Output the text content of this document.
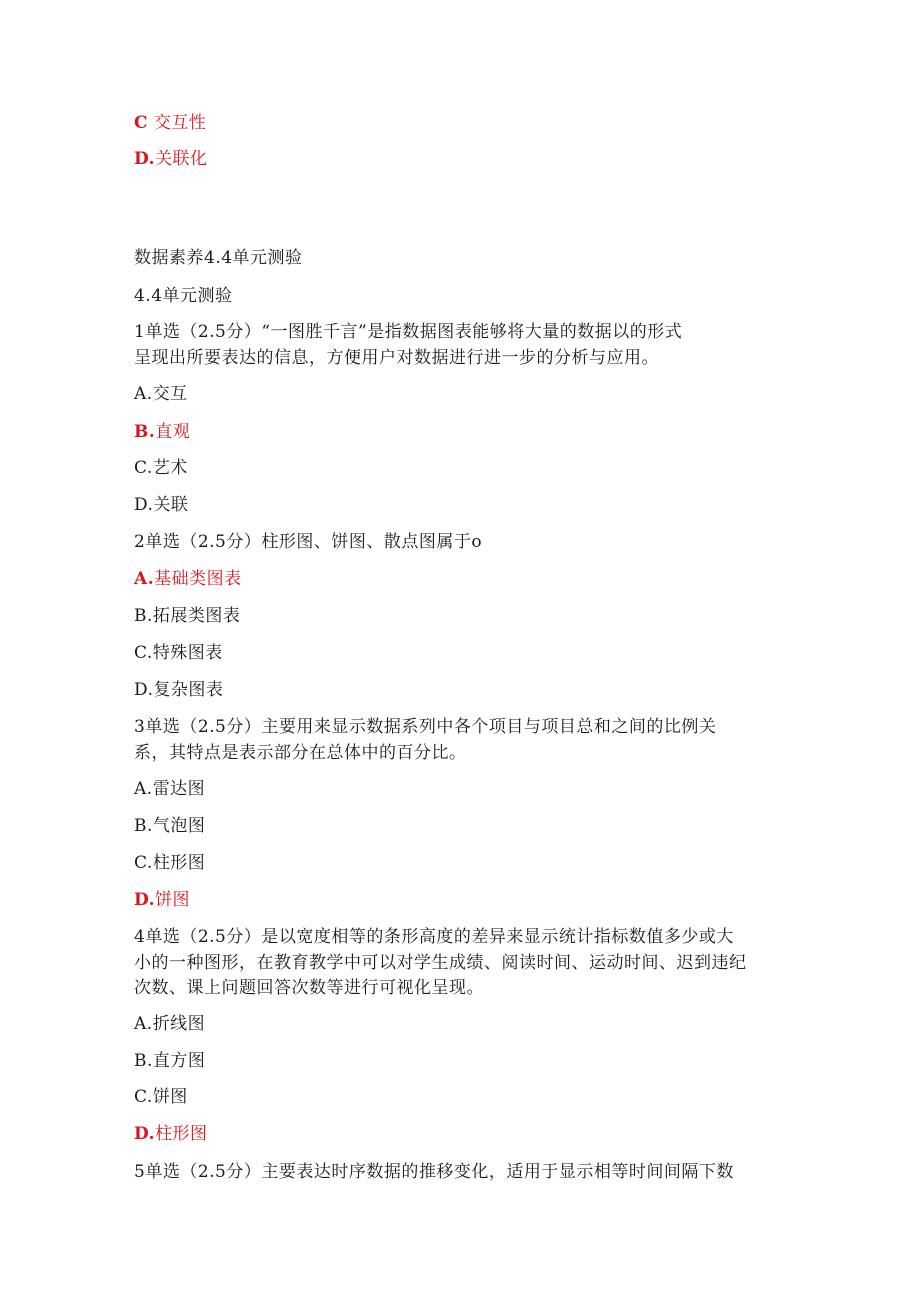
C 交互性
D.关联化
数据素养4.4单元测验
4.4单元测验
1单选（2.5分）“一图胜千言”是指数据图表能够将大量的数据以的形式
呈现出所要表达的信息，方便用户对数据进行进一步的分析与应用。
A.交互
B.直观
C.艺术
D.关联
2单选（2.5分）柱形图、饼图、散点图属于o
A.基础类图表
B.拓展类图表
C.特殊图表
D.复杂图表
3单选（2.5分）主要用来显示数据系列中各个项目与项目总和之间的比例关
系，其特点是表示部分在总体中的百分比。
A.雷达图
B.气泡图
C.柱形图
D.饼图
4单选（2.5分）是以宽度相等的条形高度的差异来显示统计指标数值多少或大
小的一种图形，在教育教学中可以对学生成绩、阅读时间、运动时间、迟到违纪
次数、课上问题回答次数等进行可视化呈现。
A.折线图
B.直方图
C.饼图
D.柱形图
5单选（2.5分）主要表达时序数据的推移变化，适用于显示相等时间间隔下数
